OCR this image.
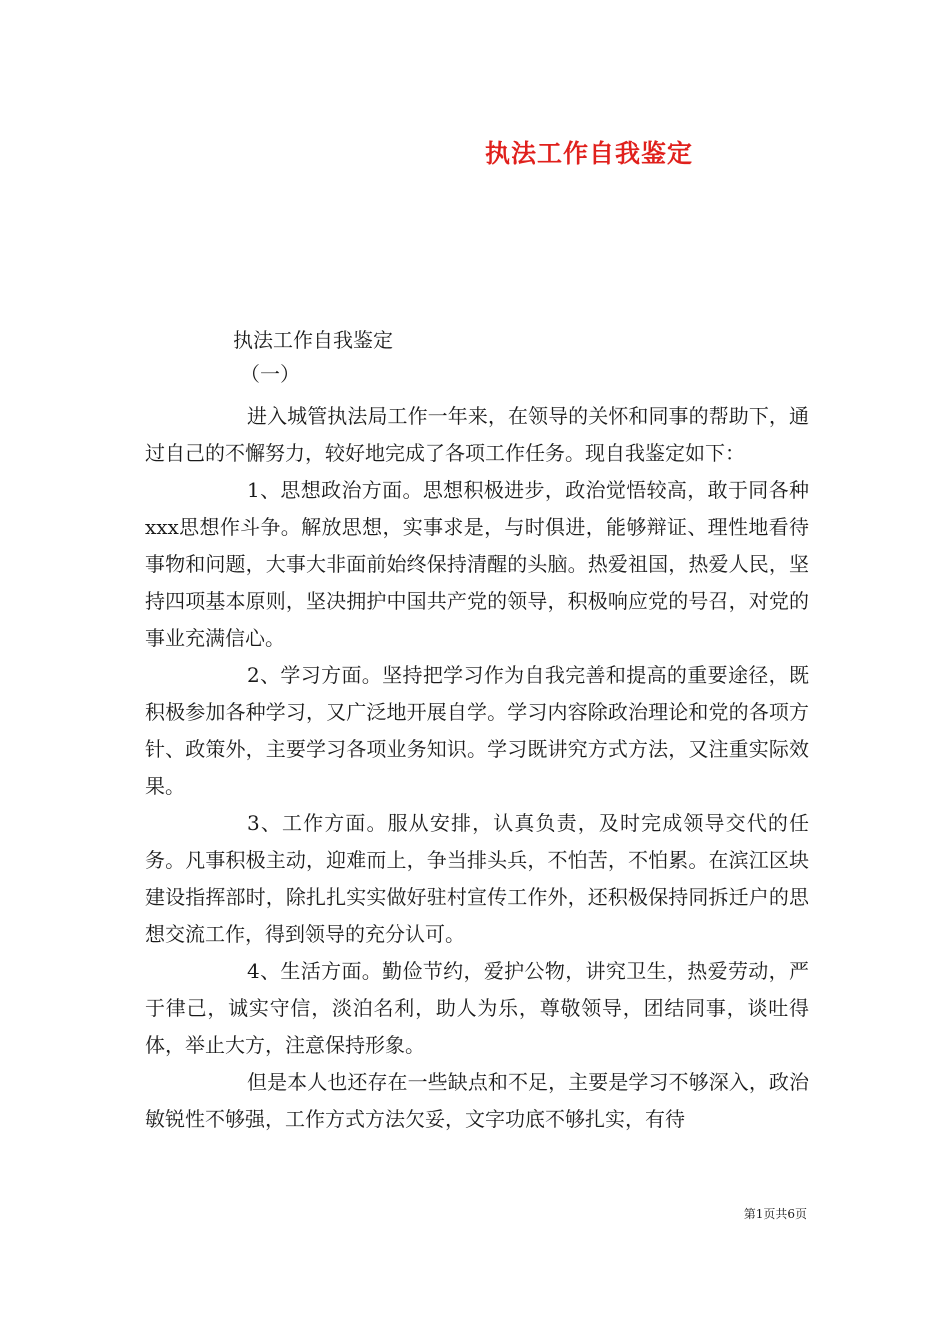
执法工作自我鉴定
执法工作自我鉴定
（一）

进入城管执法局工作一年来，在领导的关怀和同事的帮助下，通过自己的不懈努力，较好地完成了各项工作任务。现自我鉴定如下：

1、思想政治方面。思想积极进步，政治觉悟较高，敢于同各种xxx思想作斗争。解放思想，实事求是，与时俱进，能够辩证、理性地看待事物和问题，大事大非面前始终保持清醒的头脑。热爱祖国，热爱人民，坚持四项基本原则，坚决拥护中国共产党的领导，积极响应党的号召，对党的事业充满信心。

2、学习方面。坚持把学习作为自我完善和提高的重要途径，既积极参加各种学习，又广泛地开展自学。学习内容除政治理论和党的各项方针、政策外，主要学习各项业务知识。学习既讲究方式方法，又注重实际效果。

3、工作方面。服从安排，认真负责，及时完成领导交代的任务。凡事积极主动，迎难而上，争当排头兵，不怕苦，不怕累。在滨江区块建设指挥部时，除扎扎实实做好驻村宣传工作外，还积极保持同拆迁户的思想交流工作，得到领导的充分认可。

4、生活方面。勤俭节约，爱护公物，讲究卫生，热爱劳动，严于律己，诚实守信，淡泊名利，助人为乐，尊敬领导，团结同事，谈吐得体，举止大方，注意保持形象。

但是本人也还存在一些缺点和不足，主要是学习不够深入，政治敏锐性不够强，工作方式方法欠妥，文字功底不够扎实，有待

第1页共6页
